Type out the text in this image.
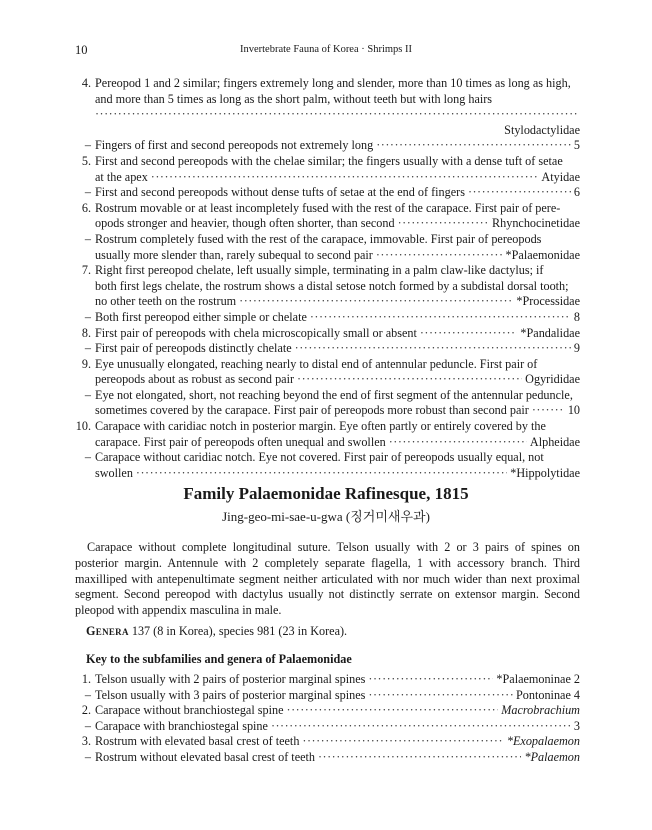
10	Invertebrate Fauna of Korea · Shrimps II
4. Pereopod 1 and 2 similar; fingers extremely long and slender, more than 10 times as long as high,

and more than 5 times as long as the short palm, without teeth but with long hairs

·····
Stylodactylidae
– Fingers of first and second pereopods not extremely long ·····	5
5. First and second pereopods with the chelae similar; the fingers usually with a dense tuft of setae

at the apex ·····	Atyidae
– First and second pereopods without dense tufts of setae at the end of fingers ·····	6
6. Rostrum movable or at least incompletely fused with the rest of the carapace. First pair of pere-

opods stronger and heavier, though often shorter, than second ·····	Rhynchocinetidae
– Rostrum completely fused with the rest of the carapace, immovable. First pair of pereopods

usually more slender than, rarely subequal to second pair ·····	*Palaemonidae
7. Right first pereopod chelate, left usually simple, terminating in a palm claw-like dactylus; if

both first legs chelate, the rostrum shows a distal setose notch formed by a subdistal dorsal tooth;

no other teeth on the rostrum ·····	*Processidae
– Both first pereopod either simple or chelate ·····	8
8. First pair of pereopods with chela microscopically small or absent ·····	*Pandalidae
– First pair of pereopods distinctly chelate ·····	9
9. Eye unusually elongated, reaching nearly to distal end of antennular peduncle. First pair of

pereopods about as robust as second pair ·····	Ogyrididae
– Eye not elongated, short, not reaching beyond the end of first segment of the antennular peduncle,

sometimes covered by the carapace. First pair of pereopods more robust than second pair ·····	10
10. Carapace with caridiac notch in posterior margin. Eye often partly or entirely covered by the

carapace. First pair of pereopods often unequal and swollen ·····	Alpheidae
– Carapace without caridiac notch. Eye not covered. First pair of pereopods usually equal, not

swollen ·····	*Hippolytidae
Family Palaemonidae Rafinesque, 1815
Jing-geo-mi-sae-u-gwa (징거미새우과)

Carapace without complete longitudinal suture. Telson usually with 2 or 3 pairs of spines on posterior margin. Antennule with 2 completely separate flagella, 1 with accessory branch. Third maxilliped with antepenultimate segment neither articulated with nor much wider than next proximal segment. Second pereopod with dactylus usually not distinctly serrate on extensor margin. Second pleopod with appendix masculina in male.

Genera 137 (8 in Korea), species 981 (23 in Korea).
Key to the subfamilies and genera of Palaemonidae
1. Telson usually with 2 pairs of posterior marginal spines ·····	*Palaemoninae 2
– Telson usually with 3 pairs of posterior marginal spines ·····	Pontoninae 4
2. Carapace without branchiostegal spine ·····	Macrobrachium
– Carapace with branchiostegal spine ·····	3
3. Rostrum with elevated basal crest of teeth ·····	*Exopalaemon
– Rostrum without elevated basal crest of teeth ·····	*Palaemon
